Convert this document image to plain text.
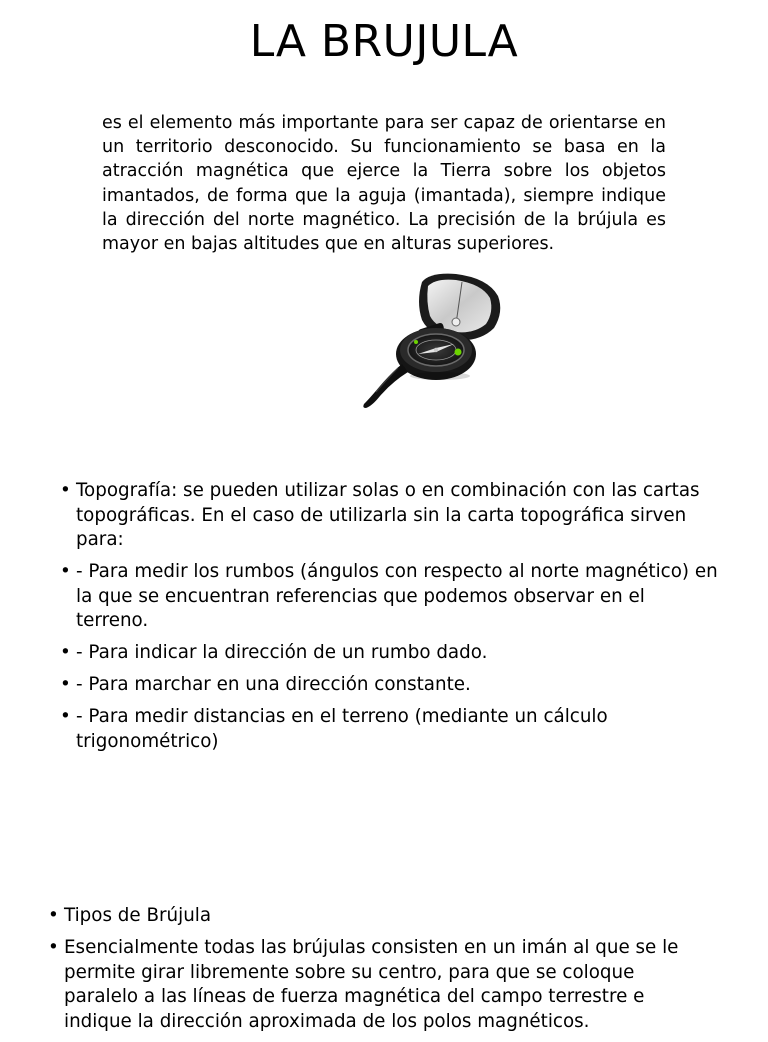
LA BRUJULA
es el elemento más importante para ser capaz de orientarse en un territorio desconocido. Su funcionamiento se basa en la atracción magnética que ejerce la Tierra sobre los objetos imantados, de forma que la aguja (imantada), siempre indique la dirección del norte magnético. La precisión de la brújula es mayor en bajas altitudes que en alturas superiores.
• Topografía: se pueden utilizar solas o en combinación con las cartas topográficas. En el caso de utilizarla sin la carta topográfica sirven para:
• - Para medir los rumbos (ángulos con respecto al norte magnético) en la que se encuentran referencias que podemos observar en el terreno.
• - Para indicar la dirección de un rumbo dado.
• - Para marchar en una dirección constante.
• - Para medir distancias en el terreno (mediante un cálculo trigonométrico)
• Tipos de Brújula
• Esencialmente todas las brújulas consisten en un imán al que se le permite girar libremente sobre su centro, para que se coloque paralelo a las líneas de fuerza magnética del campo terrestre e indique la dirección aproximada de los polos magnéticos.
